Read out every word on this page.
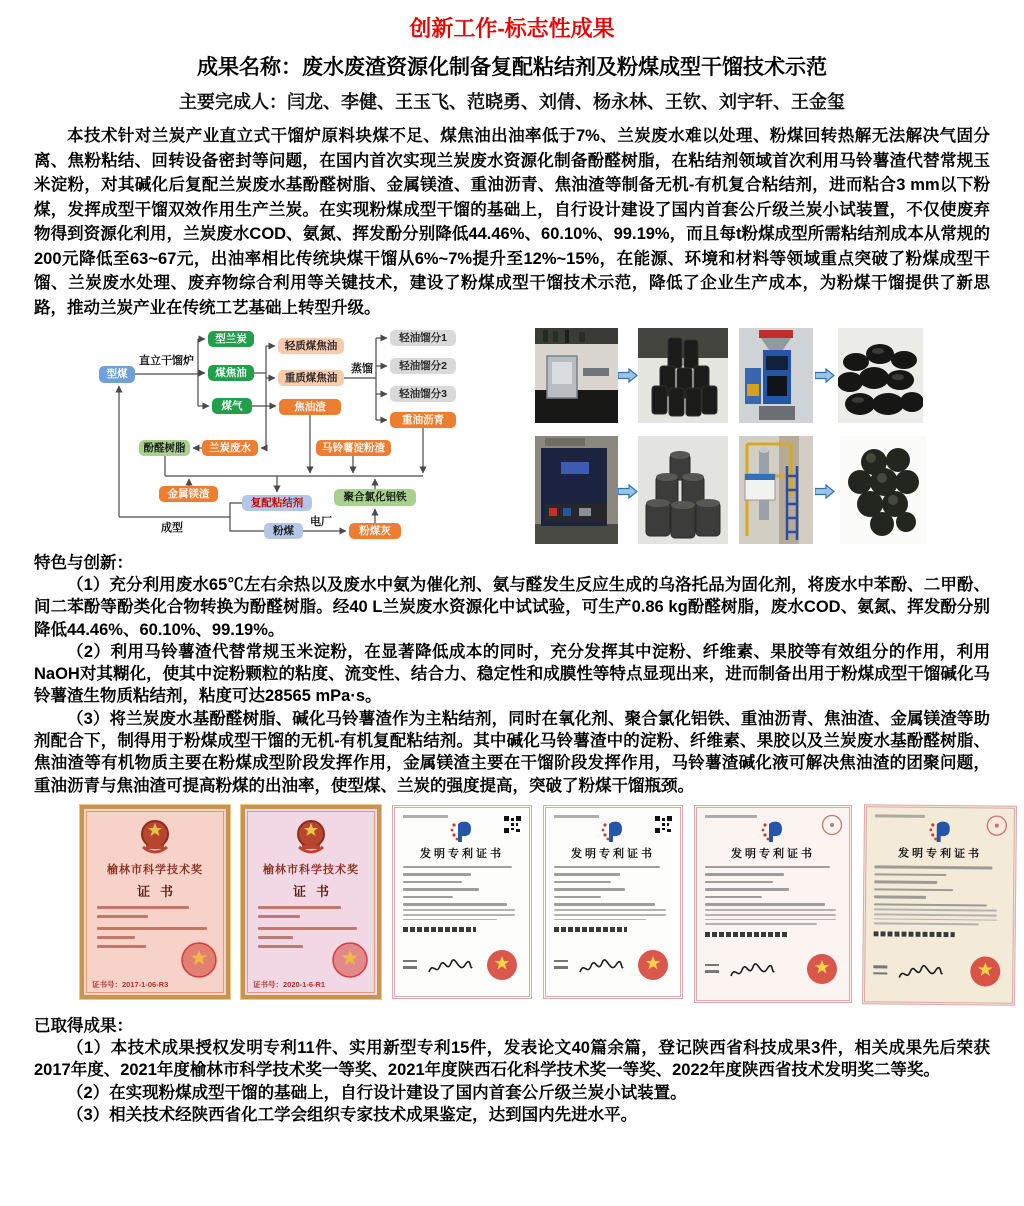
创新工作-标志性成果
成果名称：废水废渣资源化制备复配粘结剂及粉煤成型干馏技术示范
主要完成人：闫龙、李健、王玉飞、范晓勇、刘倩、杨永林、王钦、刘宇轩、王金玺
本技术针对兰炭产业直立式干馏炉原料块煤不足、煤焦油出油率低于7%、兰炭废水难以处理、粉煤回转热解无法解决气固分离、焦粉粘结、回转设备密封等问题，在国内首次实现兰炭废水资源化制备酚醛树脂，在粘结剂领域首次利用马铃薯渣代替常规玉米淀粉，对其碱化后复配兰炭废水基酚醛树脂、金属镁渣、重油沥青、焦油渣等制备无机-有机复合粘结剂，进而粘合3 mm以下粉煤，发挥成型干馏双效作用生产兰炭。在实现粉煤成型干馏的基础上，自行设计建设了国内首套公斤级兰炭小试装置，不仅使废弃物得到资源化利用，兰炭废水COD、氨氮、挥发酚分别降低44.46%、60.10%、99.19%，而且每t粉煤成型所需粘结剂成本从常规的200元降低至63~67元，出油率相比传统块煤干馏从6%~7%提升至12%~15%，在能源、环境和材料等领域重点突破了粉煤成型干馏、兰炭废水处理、废弃物综合利用等关键技术，建设了粉煤成型干馏技术示范，降低了企业生产成本，为粉煤干馏提供了新思路，推动兰炭产业在传统工艺基础上转型升级。
型煤
型兰炭
煤焦油
煤气
轻质煤焦油
重质煤焦油
轻油馏分1
轻油馏分2
轻油馏分3
重油沥青
焦油渣
酚醛树脂	兰炭废水	马铃薯淀粉渣
金属镁渣
复配粘结剂	聚合氯化铝铁
粉煤	粉煤灰
直立干馏炉
蒸馏
成型	电厂
特色与创新：

（1）充分利用废水65℃左右余热以及废水中氨为催化剂、氨与醛发生反应生成的乌洛托品为固化剂，将废水中苯酚、二甲酚、间二苯酚等酚类化合物转换为酚醛树脂。经40 L兰炭废水资源化中试试验，可生产0.86 kg酚醛树脂，废水COD、氨氮、挥发酚分别降低44.46%、60.10%、99.19%。

（2）利用马铃薯渣代替常规玉米淀粉，在显著降低成本的同时，充分发挥其中淀粉、纤维素、果胶等有效组分的作用，利用NaOH对其糊化，使其中淀粉颗粒的粘度、流变性、结合力、稳定性和成膜性等特点显现出来，进而制备出用于粉煤成型干馏碱化马铃薯渣生物质粘结剂，粘度可达28565 mPa·s。

（3）将兰炭废水基酚醛树脂、碱化马铃薯渣作为主粘结剂，同时在氧化剂、聚合氯化铝铁、重油沥青、焦油渣、金属镁渣等助剂配合下，制得用于粉煤成型干馏的无机-有机复配粘结剂。其中碱化马铃薯渣中的淀粉、纤维素、果胶以及兰炭废水基酚醛树脂、焦油渣等有机物质主要在粉煤成型阶段发挥作用，金属镁渣主要在干馏阶段发挥作用，马铃薯渣碱化液可解决焦油渣的团聚问题，重油沥青与焦油渣可提高粉煤的出油率，使型煤、兰炭的强度提高，突破了粉煤干馏瓶颈。

榆林市科学技术奖
证书
证书号：2017-1-06-R3
榆林市科学技术奖
证书
证书号：2020-1-6-R1
发明专利证书	发明专利证书	发明专利证书	发明专利证书
已取得成果：

（1）本技术成果授权发明专利11件、实用新型专利15件，发表论文40篇余篇，登记陕西省科技成果3件，相关成果先后荣获2017年度、2021年度榆林市科学技术奖一等奖、2021年度陕西石化科学技术奖一等奖、2022年度陕西省技术发明奖二等奖。

（2）在实现粉煤成型干馏的基础上，自行设计建设了国内首套公斤级兰炭小试装置。

（3）相关技术经陕西省化工学会组织专家技术成果鉴定，达到国内先进水平。
